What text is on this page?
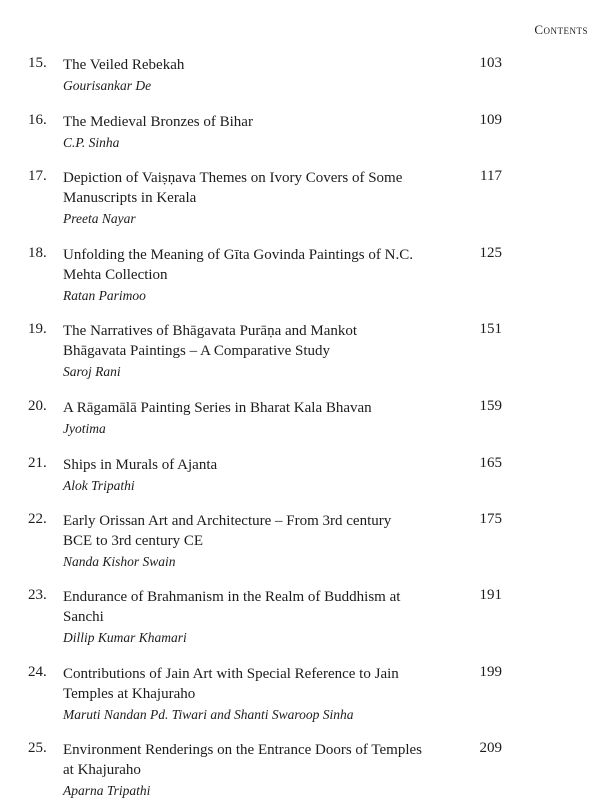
Contents
15.	The Veiled Rebekah
Gourisankar De
103
16.	The Medieval Bronzes of Bihar
C.P. Sinha
109
17.	Depiction of Vaiṣṇava Themes on Ivory Covers of Some Manuscripts in Kerala
Preeta Nayar
117
18.	Unfolding the Meaning of Gīta Govinda Paintings of N.C. Mehta Collection
Ratan Parimoo
125
19.	The Narratives of Bhāgavata Purāṇa and Mankot Bhāgavata Paintings – A Comparative Study
Saroj Rani
151
20.	A Rāgamālā Painting Series in Bharat Kala Bhavan
Jyotima
159
21.	Ships in Murals of Ajanta
Alok Tripathi
165
22.	Early Orissan Art and Architecture – From 3rd century BCE to 3rd century CE
Nanda Kishor Swain
175
23.	Endurance of Brahmanism in the Realm of Buddhism at Sanchi
Dillip Kumar Khamari
191
24.	Contributions of Jain Art with Special Reference to Jain Temples at Khajuraho
Maruti Nandan Pd. Tiwari and Shanti Swaroop Sinha
199
25.	Environment Renderings on the Entrance Doors of Temples at Khajuraho
Aparna Tripathi
209
